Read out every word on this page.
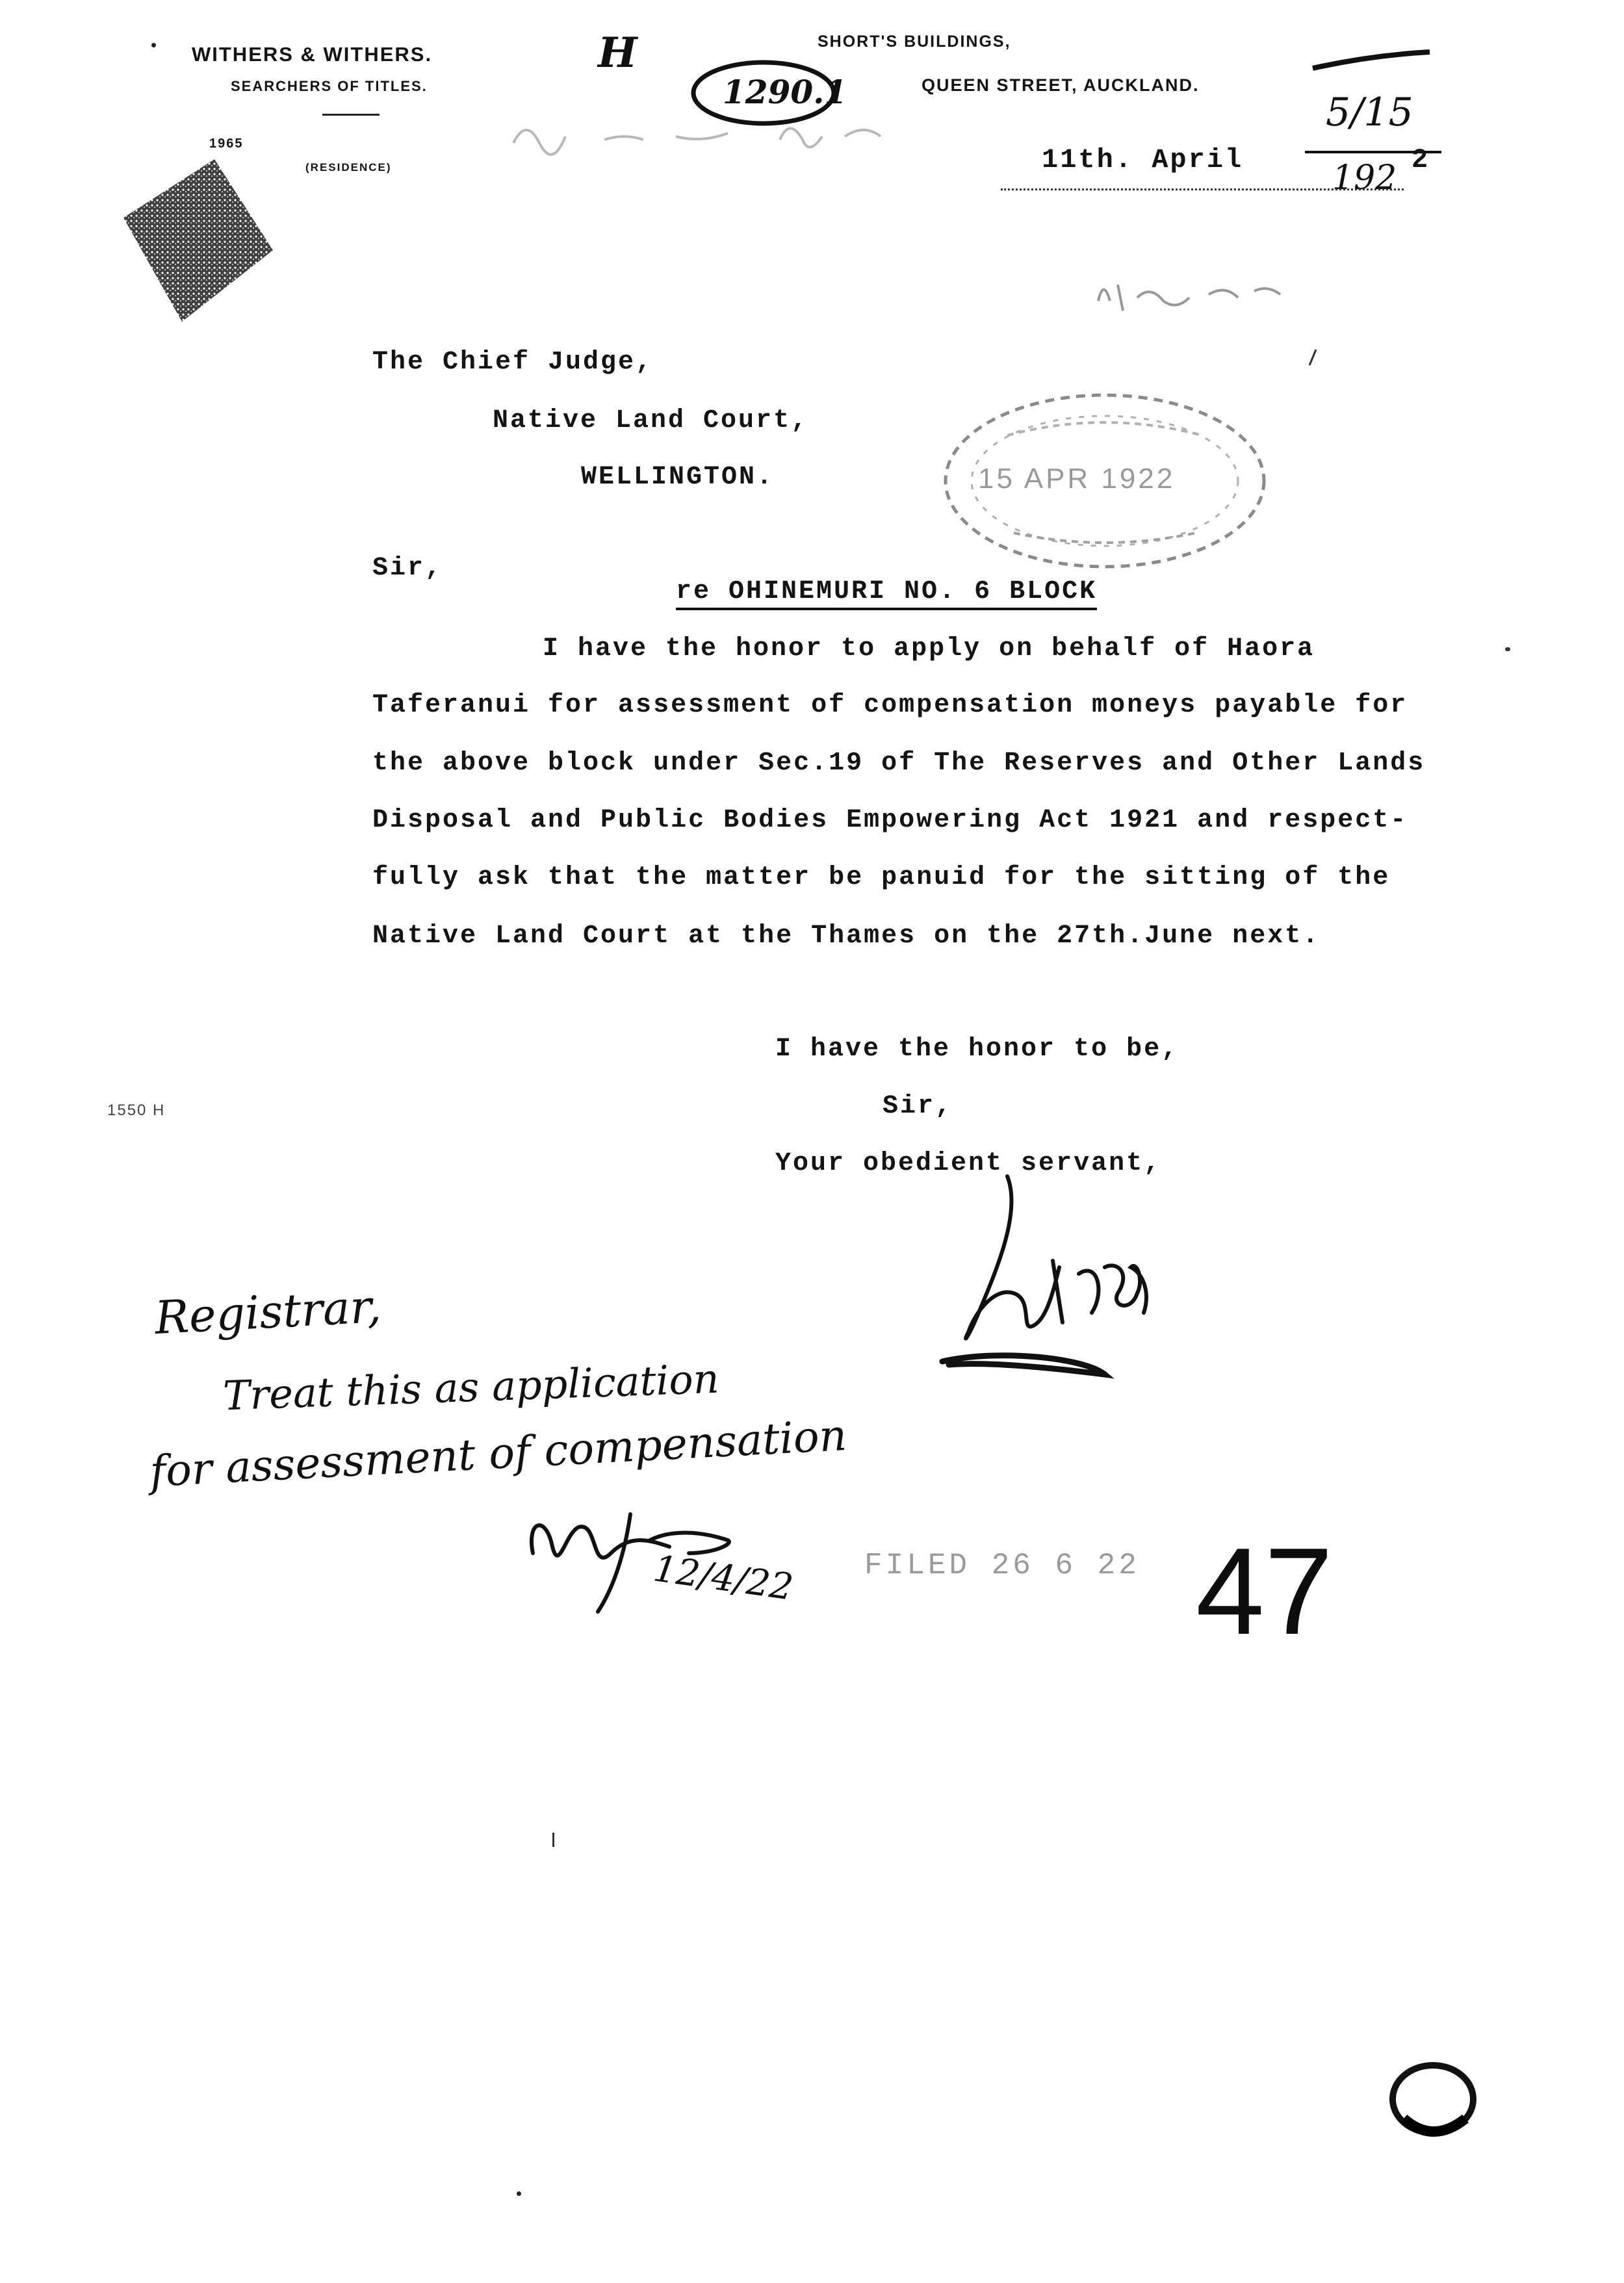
WITHERS & WITHERS.
SEARCHERS OF TITLES.
1965
(RESIDENCE)
SHORT'S BUILDINGS,
QUEEN STREET, AUCKLAND.
H
1290.1	5/15
192
11th. April	2
The Chief Judge,
Native Land Court,
WELLINGTON.	15 APR 1922
Sir,
re OHINEMURI NO. 6 BLOCK
I have the honor to apply on behalf of Haora
Taferanui for assessment of compensation moneys payable for
the above block under Sec.19 of The Reserves and Other Lands
Disposal and Public Bodies Empowering Act 1921 and respect-
fully ask that the matter be panuid for the sitting of the
Native Land Court at the Thames on the 27th.June next.
I have the honor to be,
Sir,
Your obedient servant,
1550 H
Registrar,
Treat this as application
for assessment of compensation
12/4/22 FILED 26 6 22 47
